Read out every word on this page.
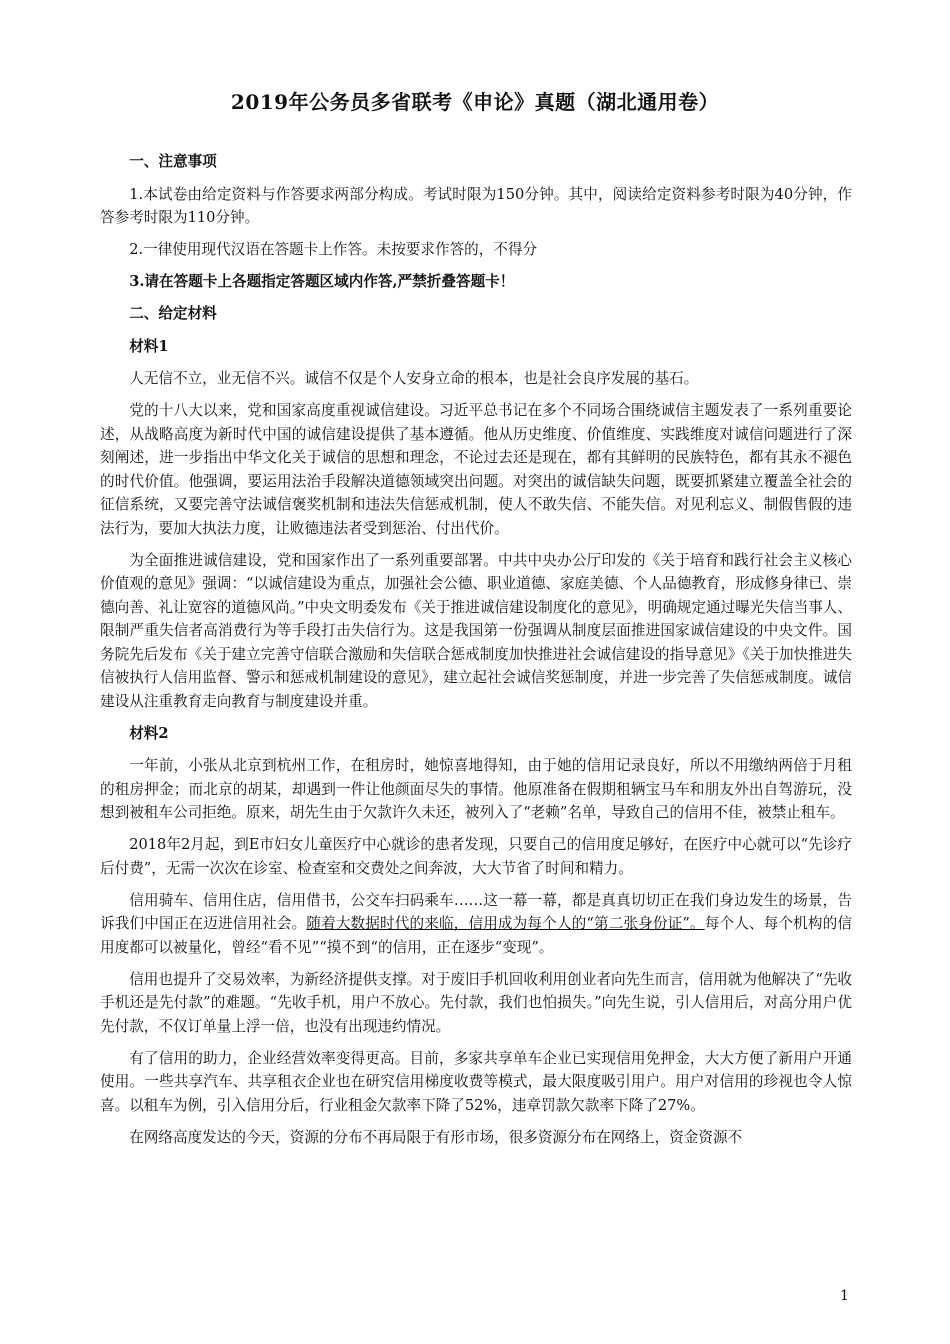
2019年公务员多省联考《申论》真题（湖北通用卷）

一、注意事项

1.本试卷由给定资料与作答要求两部分构成。考试时限为150分钟。其中，阅读给定资料参考时限为40分钟，作答参考时限为110分钟。

2.一律使用现代汉语在答题卡上作答。未按要求作答的，不得分

3.请在答题卡上各题指定答题区域内作答,严禁折叠答题卡！

二、给定材料

材料1

人无信不立，业无信不兴。诚信不仅是个人安身立命的根本，也是社会良序发展的基石。

党的十八大以来，党和国家高度重视诚信建设。习近平总书记在多个不同场合围绕诚信主题发表了一系列重要论述，从战略高度为新时代中国的诚信建设提供了基本遵循。他从历史维度、价值维度、实践维度对诚信问题进行了深刻阐述，进一步指出中华文化关于诚信的思想和理念，不论过去还是现在，都有其鲜明的民族特色，都有其永不褪色的时代价值。他强调，要运用法治手段解决道德领域突出问题。对突出的诚信缺失问题，既要抓紧建立覆盖全社会的征信系统，又要完善守法诚信褒奖机制和违法失信惩戒机制，使人不敢失信、不能失信。对见利忘义、制假售假的违法行为，要加大执法力度，让败德违法者受到惩治、付出代价。

为全面推进诚信建设，党和国家作出了一系列重要部署。中共中央办公厅印发的《关于培育和践行社会主义核心价值观的意见》强调：“以诚信建设为重点，加强社会公德、职业道德、家庭美德、个人品德教育，形成修身律已、崇德向善、礼让宽容的道德风尚。”中央文明委发布《关于推进诚信建设制度化的意见》，明确规定通过曝光失信当事人、限制严重失信者高消费行为等手段打击失信行为。这是我国第一份强调从制度层面推进国家诚信建设的中央文件。国务院先后发布《关于建立完善守信联合激励和失信联合惩戒制度加快推进社会诚信建设的指导意见》《关于加快推进失信被执行人信用监督、警示和惩戒机制建设的意见》，建立起社会诚信奖惩制度，并进一步完善了失信惩戒制度。诚信建设从注重教育走向教育与制度建设并重。

材料2

一年前，小张从北京到杭州工作，在租房时，她惊喜地得知，由于她的信用记录良好，所以不用缴纳两倍于月租的租房押金；而北京的胡某，却遇到一件让他颜面尽失的事情。他原准备在假期租辆宝马车和朋友外出自驾游玩，没想到被租车公司拒绝。原来，胡先生由于欠款许久未还，被列入了“老赖”名单，导致自己的信用不佳，被禁止租车。

2018年2月起，到E市妇女儿童医疗中心就诊的患者发现，只要自己的信用度足够好，在医疗中心就可以“先诊疗后付费”，无需一次次在诊室、检查室和交费处之间奔波，大大节省了时间和精力。

信用骑车、信用住店，信用借书，公交车扫码乘车……这一幕一幕，都是真真切切正在我们身边发生的场景，告诉我们中国正在迈进信用社会。随着大数据时代的来临，信用成为每个人的“第二张身份证”。每个人、每个机构的信用度都可以被量化，曾经“看不见”“摸不到“的信用，正在逐步“变现”。

信用也提升了交易效率，为新经济提供支撑。对于废旧手机回收利用创业者向先生而言，信用就为他解决了“先收手机还是先付款”的难题。“先收手机，用户不放心。先付款，我们也怕损失。”向先生说，引人信用后，对高分用户优先付款，不仅订单量上浮一倍，也没有出现违约情况。

有了信用的助力，企业经营效率变得更高。目前，多家共享单车企业已实现信用免押金，大大方便了新用户开通使用。一些共享汽车、共享租衣企业也在研究信用梯度收费等模式，最大限度吸引用户。用户对信用的珍视也令人惊喜。以租车为例，引入信用分后，行业租金欠款率下降了52%，违章罚款欠款率下降了27%。

在网络高度发达的今天，资源的分布不再局限于有形市场，很多资源分布在网络上，资金资源不

1
